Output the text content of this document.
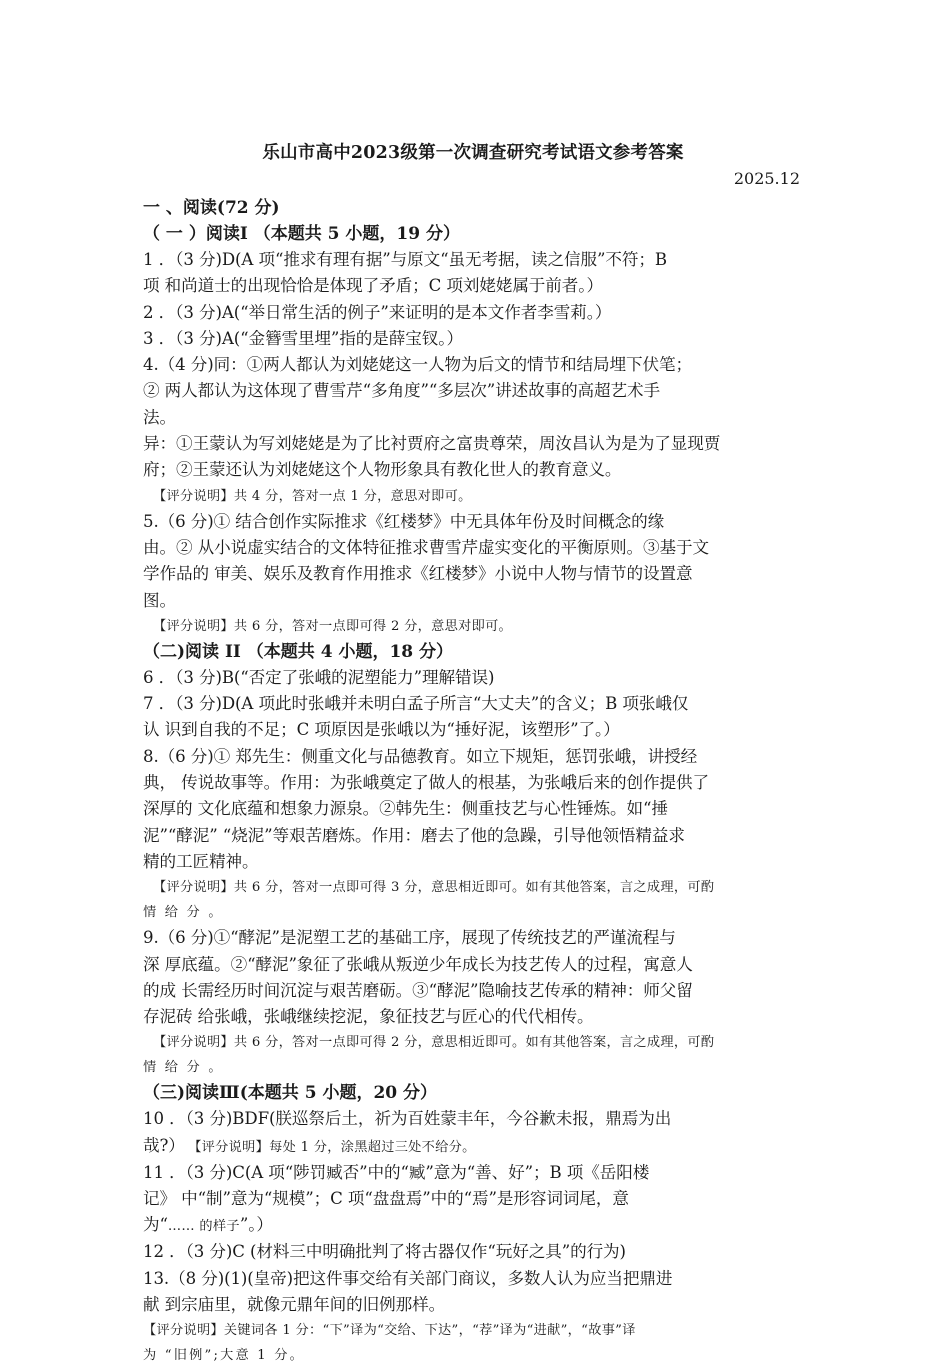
乐山市高中2023级第一次调查研究考试语文参考答案

2025.12

一 、阅读(72 分)

（ 一 ）阅读I （本题共 5 小题，19 分）

1 ．（3 分)D(A 项“推求有理有据”与原文“虽无考据，读之信服”不符；B

项 和尚道士的出现恰恰是体现了矛盾；C 项刘姥姥属于前者。）

2 ．（3 分)A(“举日常生活的例子”来证明的是本文作者李雪莉。）

3 ．（3 分)A(“金簪雪里埋”指的是薛宝钗。）

4.（4 分)同：①两人都认为刘姥姥这一人物为后文的情节和结局埋下伏笔；

② 两人都认为这体现了曹雪芹“多角度”“多层次”讲述故事的高超艺术手

法。

异：①王蒙认为写刘姥姥是为了比衬贾府之富贵尊荣，周汝昌认为是为了显现贾

府；②王蒙还认为刘姥姥这个人物形象具有教化世人的教育意义。

【评分说明】共 4 分，答对一点 1 分，意思对即可。

5.（6 分)① 结合创作实际推求《红楼梦》中无具体年份及时间概念的缘

由。② 从小说虚实结合的文体特征推求曹雪芹虚实变化的平衡原则。③基于文

学作品的 审美、娱乐及教育作用推求《红楼梦》小说中人物与情节的设置意

图。

【评分说明】共 6 分，答对一点即可得 2 分，意思对即可。

（二)阅读 II （本题共 4 小题，18 分）

6 ．（3 分)B(“否定了张峨的泥塑能力”理解错误)

7 ．（3 分)D(A 项此时张峨并未明白孟子所言“大丈夫”的含义；B 项张峨仅

认 识到自我的不足；C 项原因是张峨以为“捶好泥，该塑形”了。）

8.（6 分)① 郑先生：侧重文化与品德教育。如立下规矩，惩罚张峨，讲授经

典， 传说故事等。作用：为张峨奠定了做人的根基，为张峨后来的创作提供了

深厚的 文化底蕴和想象力源泉。②韩先生：侧重技艺与心性锤炼。如“捶

泥”“酵泥” “烧泥”等艰苦磨炼。作用：磨去了他的急躁，引导他领悟精益求

精的工匠精神。

【评分说明】共 6 分，答对一点即可得 3 分，意思相近即可。如有其他答案，言之成理，可酌

情 给 分 。

9.（6 分)①“酵泥”是泥塑工艺的基础工序，展现了传统技艺的严谨流程与

深 厚底蕴。②“酵泥”象征了张峨从叛逆少年成长为技艺传人的过程，寓意人

的成 长需经历时间沉淀与艰苦磨砺。③“酵泥”隐喻技艺传承的精神：师父留

存泥砖 给张峨，张峨继续挖泥，象征技艺与匠心的代代相传。

【评分说明】共 6 分，答对一点即可得 2 分，意思相近即可。如有其他答案，言之成理，可酌

情 给 分 。

（三)阅读Ⅲ(本题共 5 小题，20 分）

10 ．（3 分)BDF(朕巡祭后土，祈为百姓蒙丰年，今谷歉未报，鼎焉为出

哉?） 【评分说明】每处 1 分，涂黑超过三处不给分。

11 ．（3 分)C(A 项“陟罚臧否”中的“臧”意为“善、好”；B 项《岳阳楼

记》 中“制”意为“规模”；C 项“盘盘焉”中的“焉”是形容词词尾，意

为“…… 的样子”。）

12 ．（3 分)C (材料三中明确批判了将古器仅作“玩好之具”的行为)

13.（8 分)(1)(皇帝)把这件事交给有关部门商议，多数人认为应当把鼎进

献 到宗庙里，就像元鼎年间的旧例那样。

【评分说明】关键词各 1 分：“下”译为“交给、下达”，“荐”译为“进献”，“故事”译

为 “旧例”;大意 1 分。
